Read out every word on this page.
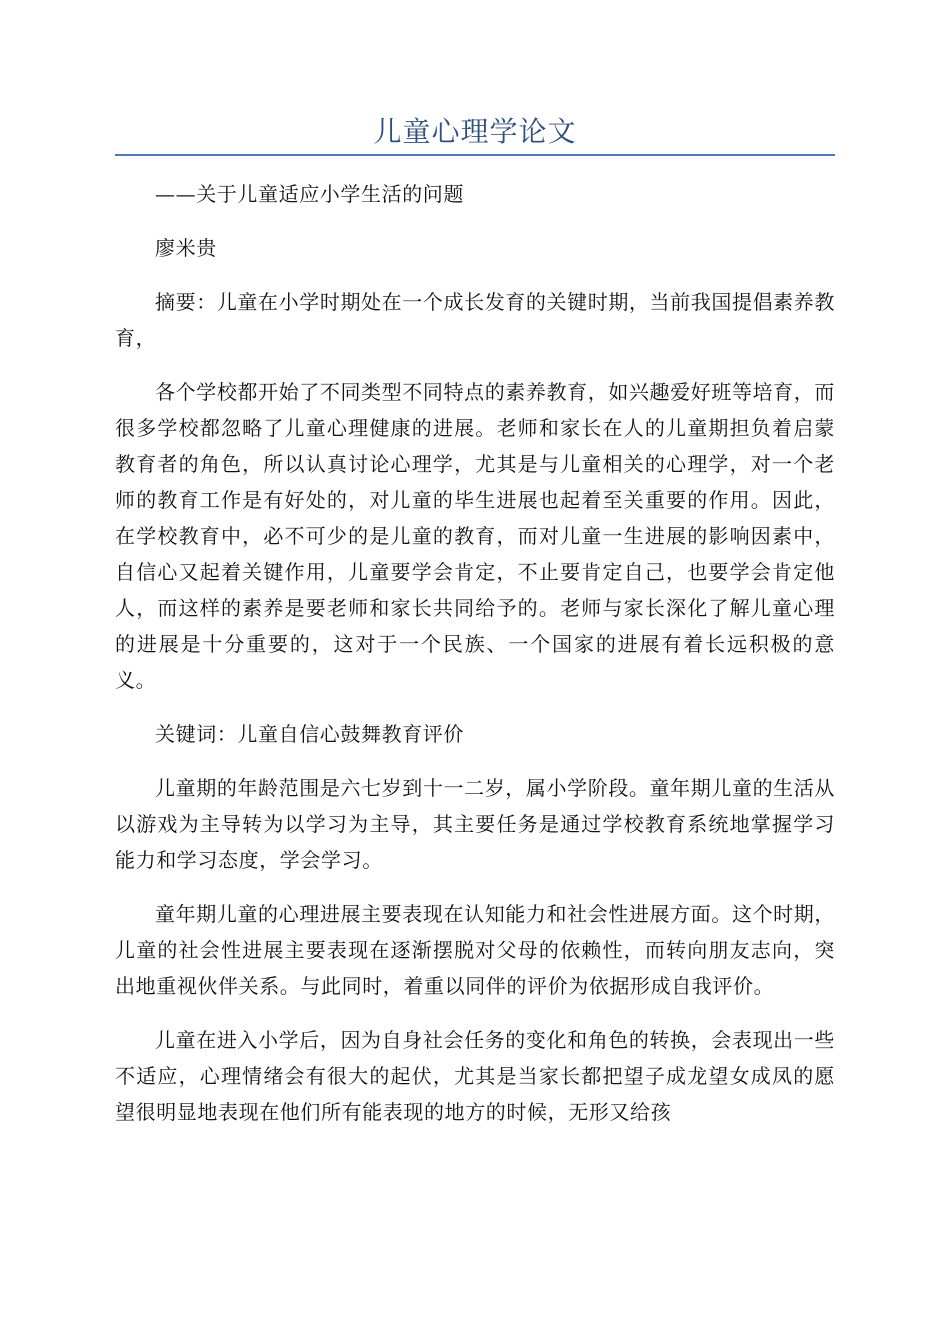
儿童心理学论文

——关于儿童适应小学生活的问题

廖米贵

摘要：儿童在小学时期处在一个成长发育的关键时期，当前我国提倡素养教育，

各个学校都开始了不同类型不同特点的素养教育，如兴趣爱好班等培育，而很多学校都忽略了儿童心理健康的进展。老师和家长在人的儿童期担负着启蒙教育者的角色，所以认真讨论心理学，尤其是与儿童相关的心理学，对一个老师的教育工作是有好处的，对儿童的毕生进展也起着至关重要的作用。因此，在学校教育中，必不可少的是儿童的教育，而对儿童一生进展的影响因素中，自信心又起着关键作用，儿童要学会肯定，不止要肯定自己，也要学会肯定他人，而这样的素养是要老师和家长共同给予的。老师与家长深化了解儿童心理的进展是十分重要的，这对于一个民族、一个国家的进展有着长远积极的意义。

关键词：儿童自信心鼓舞教育评价

儿童期的年龄范围是六七岁到十一二岁，属小学阶段。童年期儿童的生活从以游戏为主导转为以学习为主导，其主要任务是通过学校教育系统地掌握学习能力和学习态度，学会学习。

童年期儿童的心理进展主要表现在认知能力和社会性进展方面。这个时期，儿童的社会性进展主要表现在逐渐摆脱对父母的依赖性，而转向朋友志向，突出地重视伙伴关系。与此同时，着重以同伴的评价为依据形成自我评价。

儿童在进入小学后，因为自身社会任务的变化和角色的转换，会表现出一些不适应，心理情绪会有很大的起伏，尤其是当家长都把望子成龙望女成凤的愿望很明显地表现在他们所有能表现的地方的时候，无形又给孩
